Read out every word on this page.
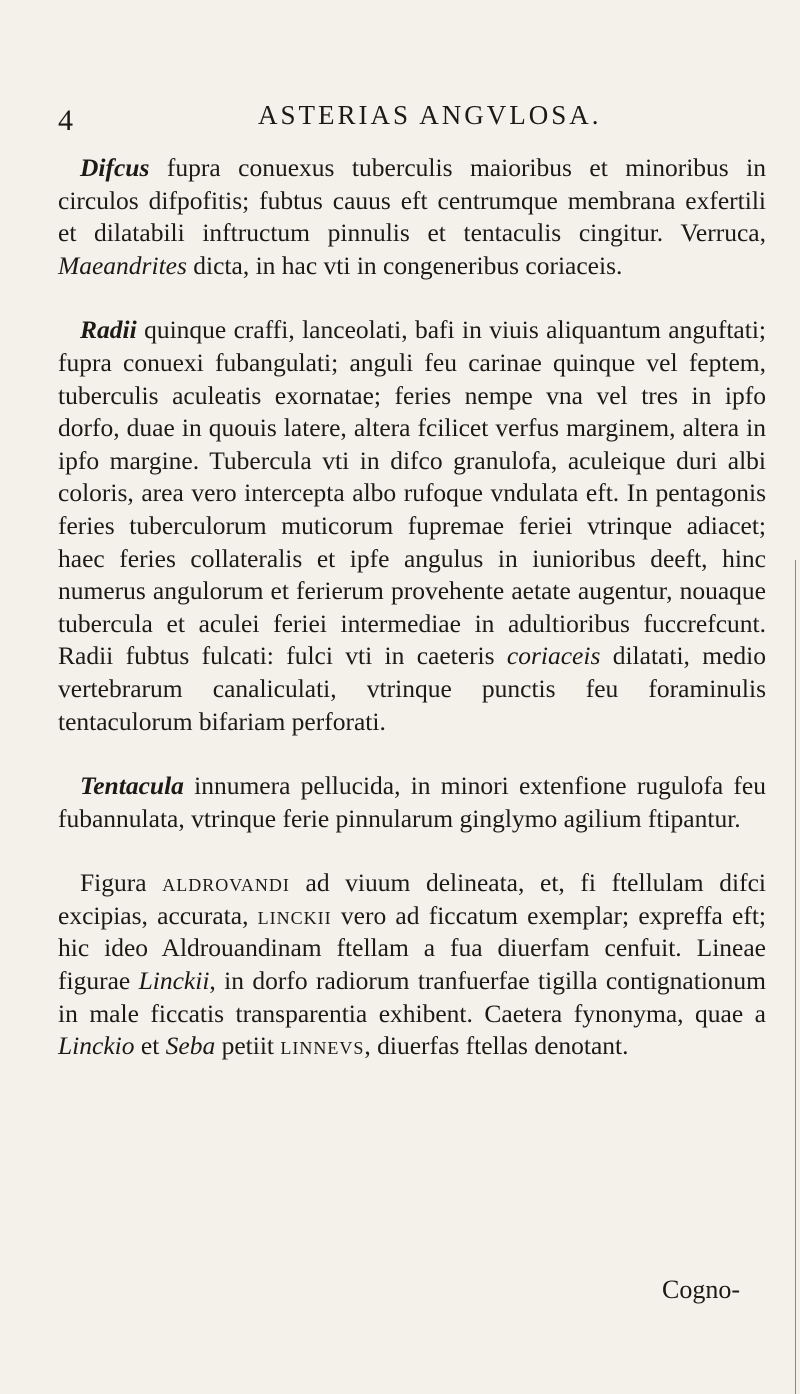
4	ASTERIAS ANGVLOSA.

Difcus fupra conuexus tuberculis maioribus et minoribus in circulos difpofitis; fubtus cauus eft centrumque membrana exfertili et dilatabili inftructum pinnulis et tentaculis cingitur. Verruca, Maeandrites dicta, in hac vti in congeneribus coriaceis.

Radii quinque craffi, lanceolati, bafi in viuis aliquantum anguftati; fupra conuexi fubangulati; anguli feu carinae quinque vel feptem, tuberculis aculeatis exornatae; feries nempe vna vel tres in ipfo dorfo, duae in quouis latere, altera fcilicet verfus marginem, altera in ipfo margine. Tubercula vti in difco granulofa, aculeique duri albi coloris, area vero intercepta albo rufoque vndulata eft. In pentagonis feries tuberculorum muticorum fupremae feriei vtrinque adiacet; haec feries collateralis et ipfe angulus in iunioribus deeft, hinc numerus angulorum et ferierum provehente aetate augentur, nouaque tubercula et aculei feriei intermediae in adultioribus fuccrefcunt. Radii fubtus fulcati: fulci vti in caeteris coriaceis dilatati, medio vertebrarum canaliculati, vtrinque punctis feu foraminulis tentaculorum bifariam perforati.

Tentacula innumera pellucida, in minori extenfione rugulofa feu fubannulata, vtrinque ferie pinnularum ginglymo agilium ftipantur.

Figura aldrovandi ad viuum delineata, et, fi ftellulam difci excipias, accurata, linckii vero ad ficcatum exemplar; expreffa eft; hic ideo Aldrouandinam ftellam a fua diuerfam cenfuit. Lineae figurae Linckii, in dorfo radiorum tranfuerfae tigilla contignationum in male ficcatis transparentia exhibent. Caetera fynonyma, quae a Linckio et Seba petiit linnevs, diuerfas ftellas denotant.

Cogno-
